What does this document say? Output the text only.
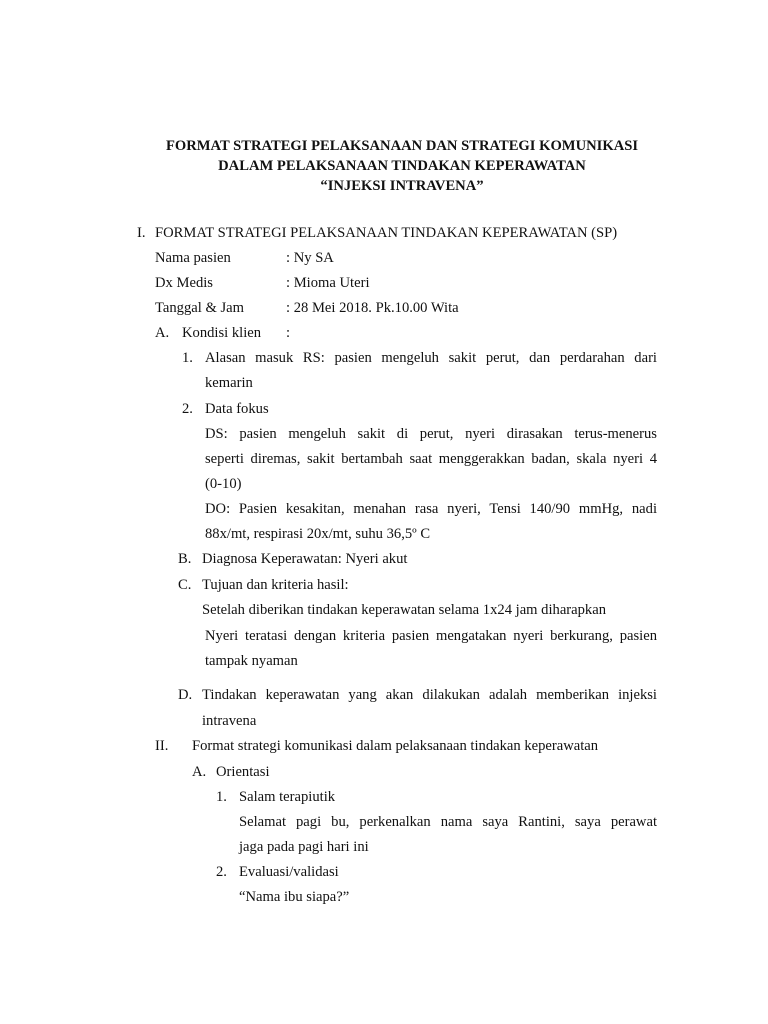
FORMAT STRATEGI PELAKSANAAN DAN STRATEGI KOMUNIKASI
DALAM PELAKSANAAN TINDAKAN KEPERAWATAN
“INJEKSI INTRAVENA”
I. FORMAT STRATEGI PELAKSANAAN TINDAKAN KEPERAWATAN (SP)
Nama pasien	: Ny SA
Dx Medis	: Mioma Uteri
Tanggal & Jam	: 28 Mei 2018. Pk.10.00 Wita
A. Kondisi klien :
1. Alasan masuk RS: pasien mengeluh sakit perut, dan perdarahan dari
kemarin
2. Data fokus
DS: pasien mengeluh sakit di perut, nyeri dirasakan terus-menerus
seperti diremas, sakit bertambah saat menggerakkan badan, skala nyeri 4
(0-10)
DO: Pasien kesakitan, menahan rasa nyeri, Tensi 140/90 mmHg, nadi
88x/mt, respirasi 20x/mt, suhu 36,5º C
B. Diagnosa Keperawatan: Nyeri akut
C. Tujuan dan kriteria hasil:
Setelah diberikan tindakan keperawatan selama 1x24 jam diharapkan
Nyeri teratasi dengan kriteria pasien mengatakan nyeri berkurang, pasien
tampak nyaman
D. Tindakan keperawatan yang akan dilakukan adalah memberikan injeksi
intravena
II. Format strategi komunikasi dalam pelaksanaan tindakan keperawatan
A. Orientasi
1. Salam terapiutik
Selamat pagi bu, perkenalkan nama saya Rantini, saya perawat
jaga pada pagi hari ini
2. Evaluasi/validasi
“Nama ibu siapa?”
